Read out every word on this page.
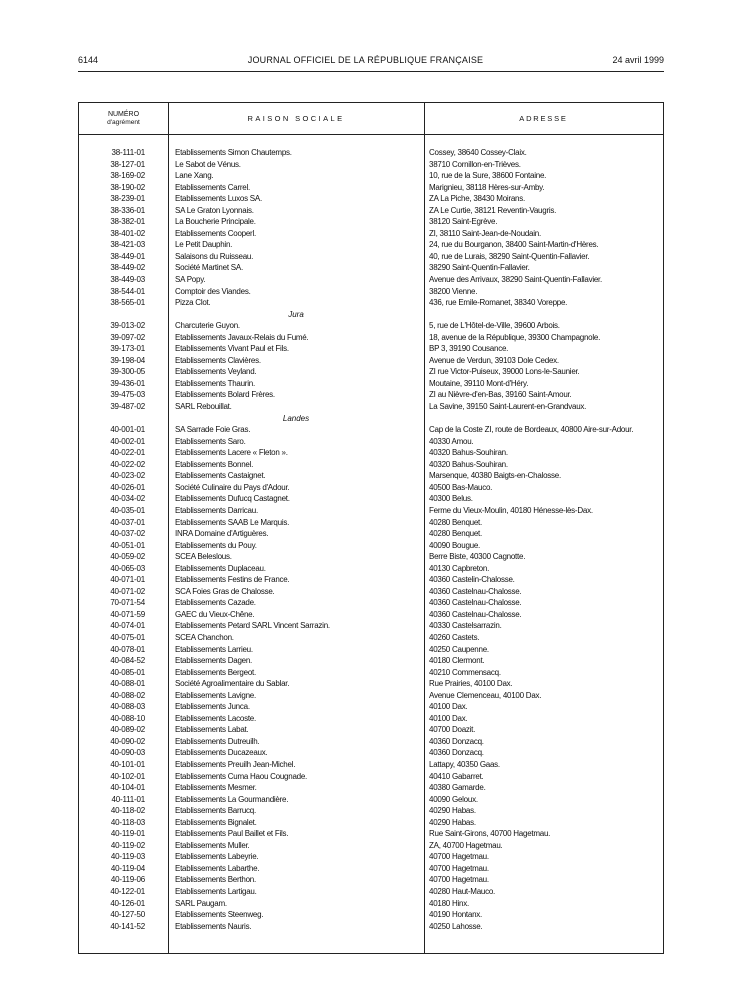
6144	JOURNAL OFFICIEL DE LA RÉPUBLIQUE FRANÇAISE	24 avril 1999
NUMÉRO
d'agrément	RAISON SOCIALE	ADRESSE
38-111-01	Etablissements Simon Chautemps.	Cossey, 38640 Cossey-Claix.
38-127-01	Le Sabot de Vénus.	38710 Cornillon-en-Trièves.
38-169-02	Lane Xang.	10, rue de la Sure, 38600 Fontaine.
38-190-02	Etablissements Carrel.	Marignieu, 38118 Hères-sur-Amby.
38-239-01	Etablissements Luxos SA.	ZA La Piche, 38430 Moirans.
38-336-01	SA Le Graton Lyonnais.	ZA Le Curtie, 38121 Reventin-Vaugris.
38-382-01	La Boucherie Principale.	38120 Saint-Egrève.
38-401-02	Etablissements Cooperl.	ZI, 38110 Saint-Jean-de-Noudain.
38-421-03	Le Petit Dauphin.	24, rue du Bourganon, 38400 Saint-Martin-d'Hères.
38-449-01	Salaisons du Ruisseau.	40, rue de Lurais, 38290 Saint-Quentin-Fallavier.
38-449-02	Société Martinet SA.	38290 Saint-Quentin-Fallavier.
38-449-03	SA Popy.	Avenue des Arrivaux, 38290 Saint-Quentin-Fallavier.
38-544-01	Comptoir des Viandes.	38200 Vienne.
38-565-01	Pizza Clot.	436, rue Emile-Romanet, 38340 Voreppe.
Jura
39-013-02	Charcuterie Guyon.	5, rue de L'Hôtel-de-Ville, 39600 Arbois.
39-097-02	Etablissements Javaux-Relais du Fumé.	18, avenue de la République, 39300 Champagnole.
39-173-01	Etablissements Vivant Paul et Fils.	BP 3, 39190 Cousance.
39-198-04	Etablissements Clavières.	Avenue de Verdun, 39103 Dole Cedex.
39-300-05	Etablissements Veyland.	ZI rue Victor-Puiseux, 39000 Lons-le-Saunier.
39-436-01	Etablissements Thaurin.	Moutaine, 39110 Mont-d'Héry.
39-475-03	Etablissements Bolard Frères.	ZI au Nièvre-d'en-Bas, 39160 Saint-Amour.
39-487-02	SARL Rebouillat.	La Savine, 39150 Saint-Laurent-en-Grandvaux.
Landes
40-001-01	SA Sarrade Foie Gras.	Cap de la Coste ZI, route de Bordeaux, 40800 Aire-sur-Adour.
40-002-01	Etablissements Saro.	40330 Amou.
40-022-01	Etablissements Lacere « Fleton ».	40320 Bahus-Souhiran.
40-022-02	Etablissements Bonnel.	40320 Bahus-Souhiran.
40-023-02	Etablissements Castaignet.	Marsenque, 40380 Baigts-en-Chalosse.
40-026-01	Société Culinaire du Pays d'Adour.	40500 Bas-Mauco.
40-034-02	Etablissements Dufucq Castagnet.	40300 Belus.
40-035-01	Etablissements Darricau.	Ferme du Vieux-Moulin, 40180 Hénesse-lès-Dax.
40-037-01	Etablissements SAAB Le Marquis.	40280 Benquet.
40-037-02	INRA Domaine d'Artiguères.	40280 Benquet.
40-051-01	Etablissements du Pouy.	40090 Bougue.
40-059-02	SCEA Beleslous.	Berre Biste, 40300 Cagnotte.
40-065-03	Etablissements Duplaceau.	40130 Capbreton.
40-071-01	Etablissements Festins de France.	40360 Castelin-Chalosse.
40-071-02	SCA Foies Gras de Chalosse.	40360 Castelnau-Chalosse.
70-071-54	Etablissements Cazade.	40360 Castelnau-Chalosse.
40-071-59	GAEC du Vieux-Chêne.	40360 Castelnau-Chalosse.
40-074-01	Etablissements Petard SARL Vincent Sarrazin.	40330 Castelsarrazin.
40-075-01	SCEA Chanchon.	40260 Castets.
40-078-01	Etablissements Larrieu.	40250 Caupenne.
40-084-52	Etablissements Dagen.	40180 Clermont.
40-085-01	Etablissements Bergeot.	40210 Commensacq.
40-088-01	Société Agroalimentaire du Sablar.	Rue Prairies, 40100 Dax.
40-088-02	Etablissements Lavigne.	Avenue Clemenceau, 40100 Dax.
40-088-03	Etablissements Junca.	40100 Dax.
40-088-10	Etablissements Lacoste.	40100 Dax.
40-089-02	Etablissements Labat.	40700 Doazit.
40-090-02	Etablissements Dutreuilh.	40360 Donzacq.
40-090-03	Etablissements Ducazeaux.	40360 Donzacq.
40-101-01	Etablissements Preuilh Jean-Michel.	Lattapy, 40350 Gaas.
40-102-01	Etablissements Cuma Haou Cougnade.	40410 Gabarret.
40-104-01	Etablissements Mesmer.	40380 Gamarde.
40-111-01	Etablissements La Gourmandière.	40090 Geloux.
40-118-02	Etablissements Barrucq.	40290 Habas.
40-118-03	Etablissements Bignalet.	40290 Habas.
40-119-01	Etablissements Paul Baillet et Fils.	Rue Saint-Girons, 40700 Hagetmau.
40-119-02	Etablissements Muller.	ZA, 40700 Hagetmau.
40-119-03	Etablissements Labeyrie.	40700 Hagetmau.
40-119-04	Etablissements Labarthe.	40700 Hagetmau.
40-119-06	Etablissements Berthon.	40700 Hagetmau.
40-122-01	Etablissements Lartigau.	40280 Haut-Mauco.
40-126-01	SARL Paugam.	40180 Hinx.
40-127-50	Etablissements Steenweg.	40190 Hontanx.
40-141-52	Etablissements Nauris.	40250 Lahosse.
